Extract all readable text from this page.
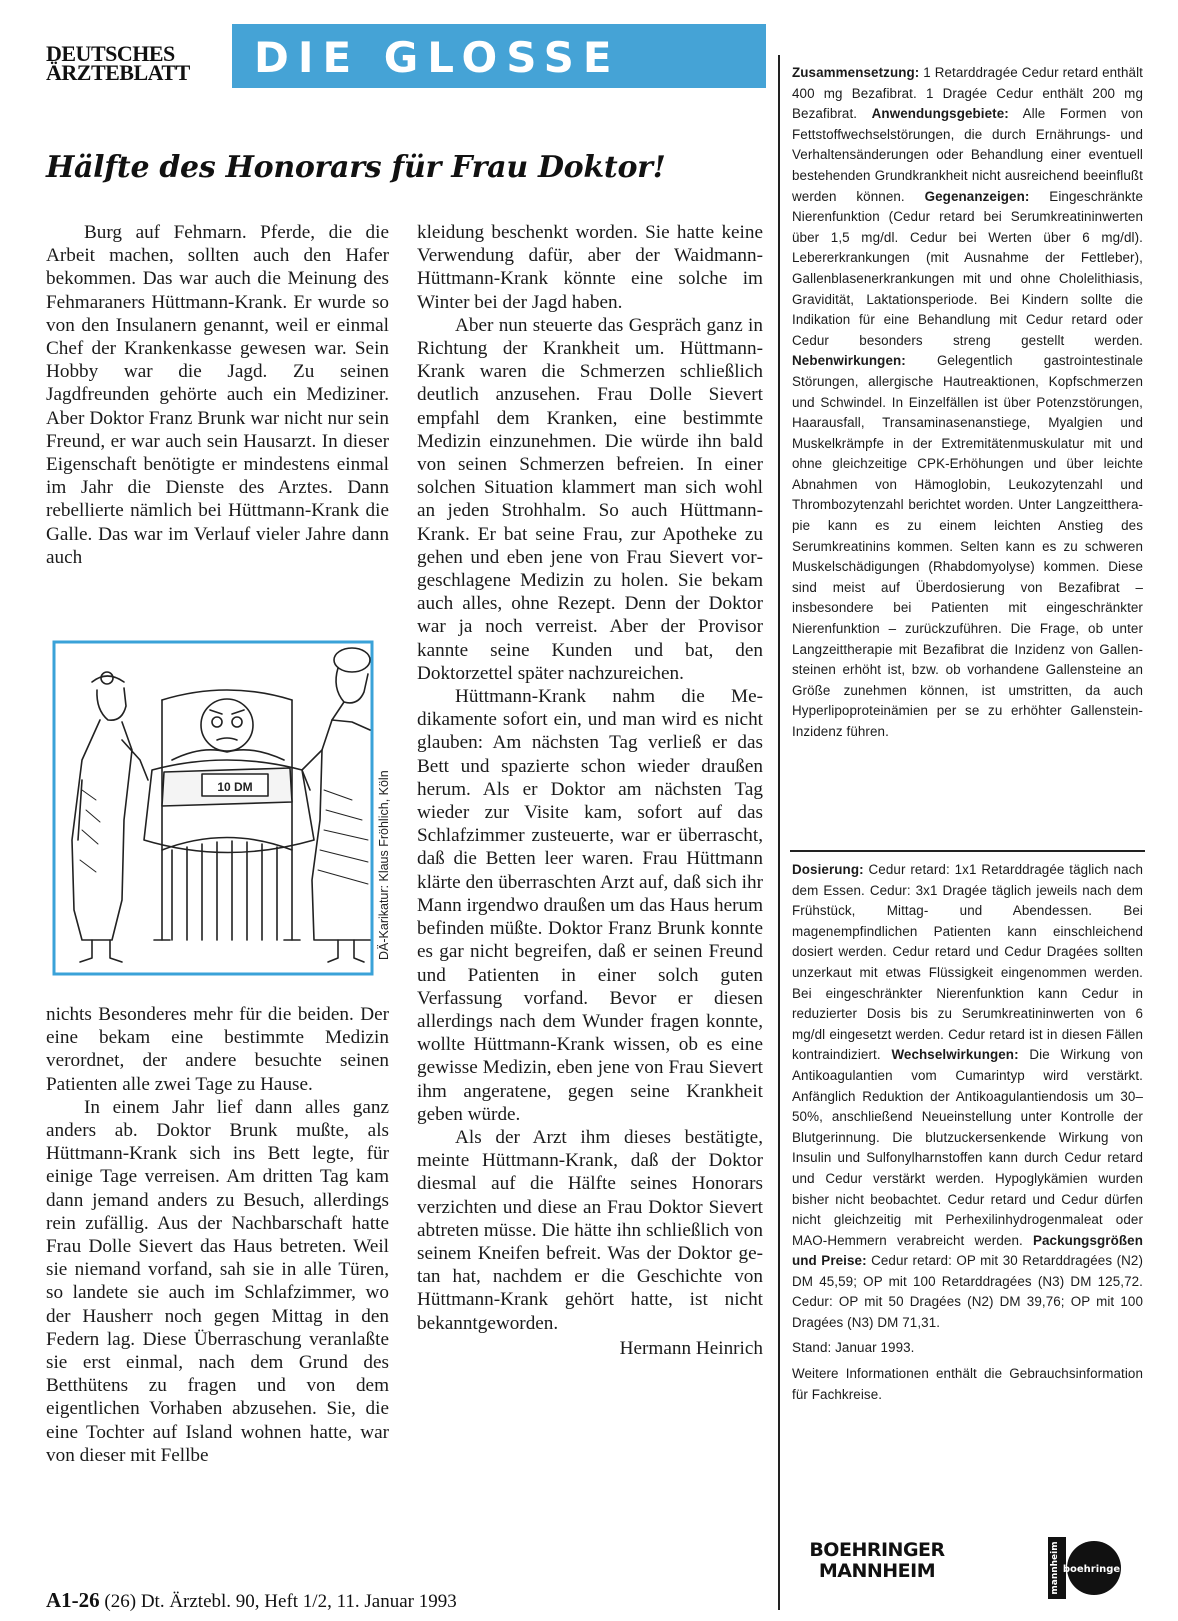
DEUTSCHES
ÄRZTEBLATT	DIE GLOSSE
Hälfte des Honorars für Frau Doktor!

Burg auf Fehmarn. Pferde, die die Arbeit machen, sollten auch den Hafer bekommen. Das war auch die Meinung des Fehmaraners Hüttmann-Krank. Er wurde so von den Insulanern genannt, weil er einmal Chef der Krankenkasse gewesen war. Sein Hobby war die Jagd. Zu seinen Jagdfreunden gehörte auch ein Mediziner. Aber Doktor Franz Brunk war nicht nur sein Freund, er war auch sein Hausarzt. In dieser Eigenschaft benötigte er mindestens einmal im Jahr die Dienste des Arztes. Dann rebellierte nämlich bei Hüttmann-Krank die Galle. Das war im Verlauf vieler Jahre dann auch

10 DM	DÄ-Karikatur: Klaus Fröhlich, Köln

nichts Besonderes mehr für die beiden. Der eine bekam eine bestimmte Medizin verordnet, der andere besuchte seinen Patienten alle zwei Tage zu Hause.

In einem Jahr lief dann alles ganz anders ab. Doktor Brunk mußte, als Hüttmann-Krank sich ins Bett legte, für einige Tage verreisen. Am dritten Tag kam dann jemand anders zu Besuch, allerdings rein zufällig. Aus der Nachbarschaft hatte Frau Dolle Sievert das Haus betreten. Weil sie niemand vorfand, sah sie in alle Türen, so landete sie auch im Schlafzimmer, wo der Hausherr noch gegen Mittag in den Federn lag. Diese Überraschung veranlaßte sie erst einmal, nach dem Grund des Betthütens zu fragen und von dem eigentlichen Vorhaben abzusehen. Sie, die eine Tochter auf Island wohnen hatte, war von dieser mit Fellbe

kleidung beschenkt worden. Sie hatte keine Verwendung dafür, aber der Waidmann-Hüttmann-Krank könnte eine solche im Winter bei der Jagd haben.

Aber nun steuerte das Gespräch ganz in Richtung der Krankheit um. Hüttmann-Krank waren die Schmerzen schließlich deutlich anzusehen. Frau Dolle Sievert empfahl dem Kranken, eine bestimmte Medizin einzunehmen. Die würde ihn bald von seinen Schmerzen befreien. In einer solchen Situation klammert man sich wohl an jeden Strohhalm. So auch Hüttmann-Krank. Er bat seine Frau, zur Apotheke zu gehen und eben jene von Frau Sievert vorgeschlagene Medizin zu holen. Sie bekam auch alles, ohne Rezept. Denn der Doktor war ja noch verreist. Aber der Provisor kannte seine Kunden und bat, den Doktorzettel später nachzureichen.

Hüttmann-Krank nahm die Medikamente sofort ein, und man wird es nicht glauben: Am nächsten Tag verließ er das Bett und spazierte schon wieder draußen herum. Als er Doktor am nächsten Tag wieder zur Visite kam, sofort auf das Schlafzimmer zusteuerte, war er überrascht, daß die Betten leer waren. Frau Hüttmann klärte den überraschten Arzt auf, daß sich ihr Mann irgendwo draußen um das Haus herum befinden müßte. Doktor Franz Brunk konnte es gar nicht begreifen, daß er seinen Freund und Patienten in einer solch guten Verfassung vorfand. Bevor er diesen allerdings nach dem Wunder fragen konnte, wollte Hüttmann-Krank wissen, ob es eine gewisse Medizin, eben jene von Frau Sievert ihm angeratene, gegen seine Krankheit geben würde.

Als der Arzt ihm dieses bestätigte, meinte Hüttmann-Krank, daß der Doktor diesmal auf die Hälfte seines Honorars verzichten und diese an Frau Doktor Sievert abtreten müsse. Die hätte ihn schließlich von seinem Kneifen befreit. Was der Doktor getan hat, nachdem er die Geschichte von Hüttmann-Krank gehört hatte, ist nicht bekanntgeworden.

Hermann Heinrich

Zusammensetzung: 1 Retarddragée Cedur retard enthält 400 mg Bezafibrat. 1 Dragée Cedur enthält 200 mg Bezafibrat. Anwendungsgebiete: Alle Formen von Fettstoffwechselstörungen, die durch Ernährungs- und Verhaltensänderungen oder Behandlung einer eventuell bestehenden Grundkrankheit nicht ausreichend beeinflußt werden können. Gegenanzeigen: Eingeschränkte Nierenfunktion (Cedur retard bei Serumkreatininwerten über 1,5 mg/dl. Cedur bei Werten über 6 mg/dl). Lebererkrankungen (mit Ausnahme der Fettleber), Gallenblasenerkrankungen mit und ohne Cholelithiasis, Gravidität, Laktationsperiode. Bei Kindern sollte die Indikation für eine Behandlung mit Cedur retard oder Cedur besonders streng gestellt werden. Nebenwirkungen: Gelegentlich gastrointestinale Störungen, allergische Hautreaktionen, Kopfschmerzen und Schwindel. In Einzelfällen ist über Potenzstörungen, Haarausfall, Transaminasenanstiege, Myalgien und Muskelkrämpfe in der Extremitätenmuskulatur mit und ohne gleichzeitige CPK-Erhöhungen und über leichte Abnahmen von Hämoglobin, Leukozytenzahl und Thrombozytenzahl berichtet worden. Unter Langzeittherapie kann es zu einem leichten Anstieg des Serumkreatinins kommen. Selten kann es zu schweren Muskelschädigungen (Rhabdomyolyse) kommen. Diese sind meist auf Überdosierung von Bezafibrat – insbesondere bei Patienten mit eingeschränkter Nierenfunktion – zurückzuführen. Die Frage, ob unter Langzeittherapie mit Bezafibrat die Inzidenz von Gallensteinen erhöht ist, bzw. ob vorhandene Gallensteine an Größe zunehmen können, ist umstritten, da auch Hyperlipoproteinämien per se zu erhöhter Gallenstein-Inzidenz führen.

Dosierung: Cedur retard: 1x1 Retarddragée täglich nach dem Essen. Cedur: 3x1 Dragée täglich jeweils nach dem Frühstück, Mittag- und Abendessen. Bei magenempfindlichen Patienten kann einschleichend dosiert werden. Cedur retard und Cedur Dragées sollten unzerkaut mit etwas Flüssigkeit eingenommen werden. Bei eingeschränkter Nierenfunktion kann Cedur in reduzierter Dosis bis zu Serumkreatininwerten von 6 mg/dl eingesetzt werden. Cedur retard ist in diesen Fällen kontraindiziert. Wechselwirkungen: Die Wirkung von Antikoagulantien vom Cumarintyp wird verstärkt. Anfänglich Reduktion der Antikoagulantiendosis um 30–50%, anschließend Neueinstellung unter Kontrolle der Blutgerinnung. Die blutzuckersenkende Wirkung von Insulin und Sulfonylharnstoffen kann durch Cedur retard und Cedur verstärkt werden. Hypoglykämien wurden bisher nicht beobachtet. Cedur retard und Cedur dürfen nicht gleichzeitig mit Perhexilinhydrogenmaleat oder MAO-Hemmern verabreicht werden. Packungsgrößen und Preise: Cedur retard: OP mit 30 Retarddragées (N2) DM 45,59; OP mit 100 Retarddragées (N3) DM 125,72. Cedur: OP mit 50 Dragées (N2) DM 39,76; OP mit 100 Dragées (N3) DM 71,31.

Stand: Januar 1993.

Weitere Informationen enthält die Gebrauchsinformation für Fachkreise.

BOEHRINGER
MANNHEIM	mannheim boehringer
A1-26 (26) Dt. Ärztebl. 90, Heft 1/2, 11. Januar 1993
